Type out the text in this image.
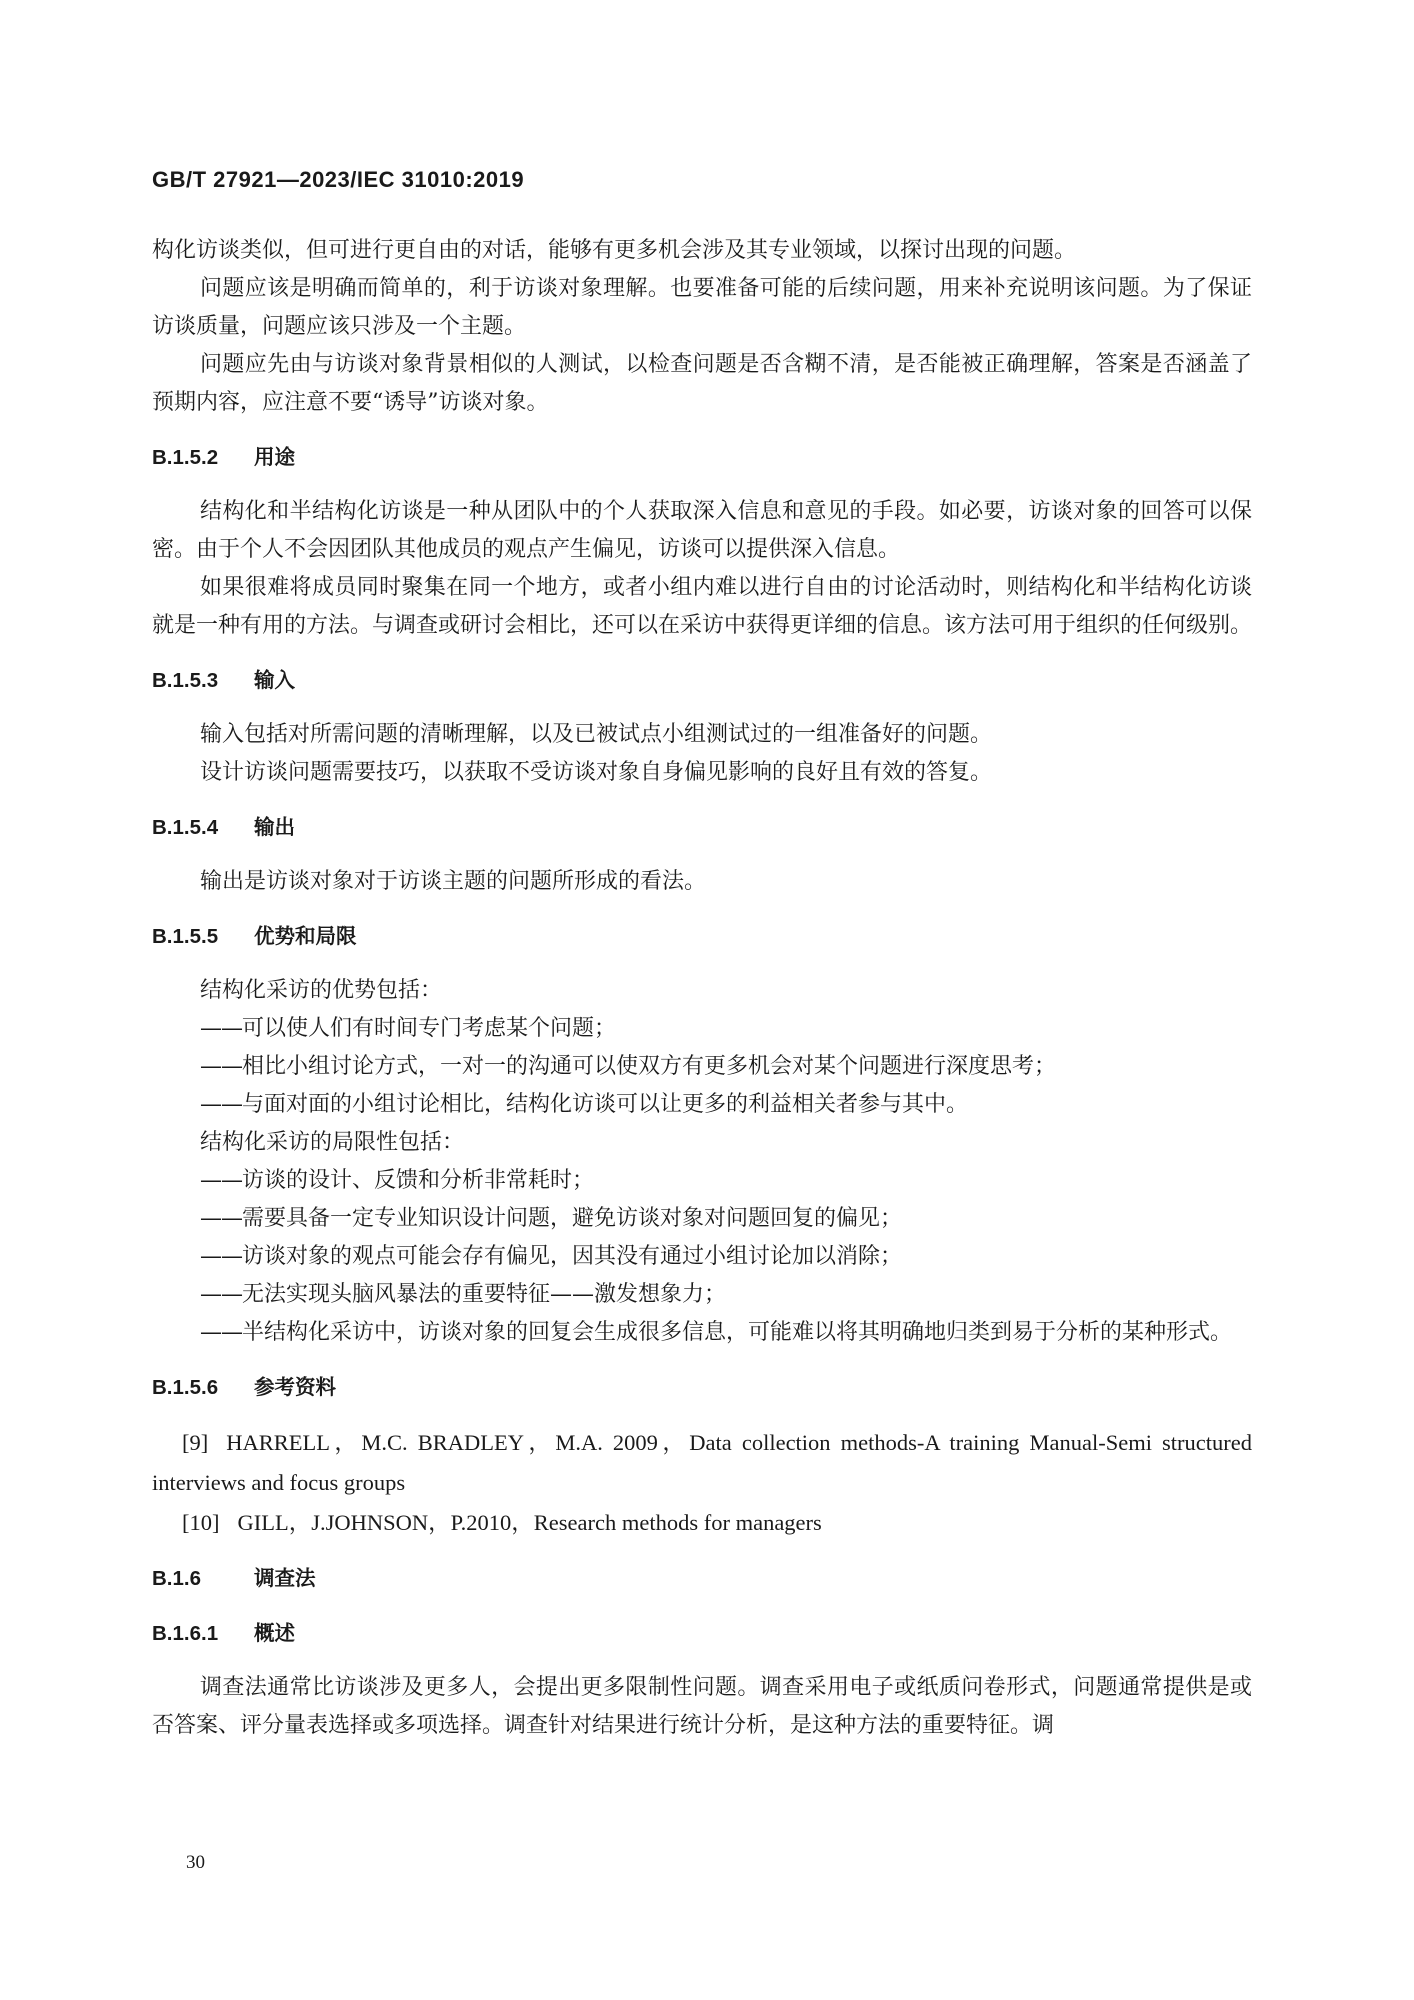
GB/T 27921—2023/IEC 31010:2019

构化访谈类似，但可进行更自由的对话，能够有更多机会涉及其专业领域，以探讨出现的问题。

问题应该是明确而简单的，利于访谈对象理解。也要准备可能的后续问题，用来补充说明该问题。为了保证访谈质量，问题应该只涉及一个主题。

问题应先由与访谈对象背景相似的人测试，以检查问题是否含糊不清，是否能被正确理解，答案是否涵盖了预期内容，应注意不要“诱导”访谈对象。

B.1.5.2 用途

结构化和半结构化访谈是一种从团队中的个人获取深入信息和意见的手段。如必要，访谈对象的回答可以保密。由于个人不会因团队其他成员的观点产生偏见，访谈可以提供深入信息。

如果很难将成员同时聚集在同一个地方，或者小组内难以进行自由的讨论活动时，则结构化和半结构化访谈就是一种有用的方法。与调查或研讨会相比，还可以在采访中获得更详细的信息。该方法可用于组织的任何级别。

B.1.5.3 输入

输入包括对所需问题的清晰理解，以及已被试点小组测试过的一组准备好的问题。

设计访谈问题需要技巧，以获取不受访谈对象自身偏见影响的良好且有效的答复。

B.1.5.4 输出

输出是访谈对象对于访谈主题的问题所形成的看法。

B.1.5.5 优势和局限
结构化采访的优势包括：
——可以使人们有时间专门考虑某个问题；
——相比小组讨论方式，一对一的沟通可以使双方有更多机会对某个问题进行深度思考；
——与面对面的小组讨论相比，结构化访谈可以让更多的利益相关者参与其中。
结构化采访的局限性包括：
——访谈的设计、反馈和分析非常耗时；
——需要具备一定专业知识设计问题，避免访谈对象对问题回复的偏见；
——访谈对象的观点可能会存有偏见，因其没有通过小组讨论加以消除；
——无法实现头脑风暴法的重要特征——激发想象力；
——半结构化采访中，访谈对象的回复会生成很多信息，可能难以将其明确地归类到易于分析的某种形式。
B.1.5.6 参考资料
[9] HARRELL，M.C. BRADLEY，M.A. 2009，Data collection methods-A training Manual-Semi structured interviews and focus groups
[10] GILL，J.JOHNSON，P.2010，Research methods for managers
B.1.6	调查法
B.1.6.1 概述

调查法通常比访谈涉及更多人，会提出更多限制性问题。调查采用电子或纸质问卷形式，问题通常提供是或否答案、评分量表选择或多项选择。调查针对结果进行统计分析，是这种方法的重要特征。调

30
